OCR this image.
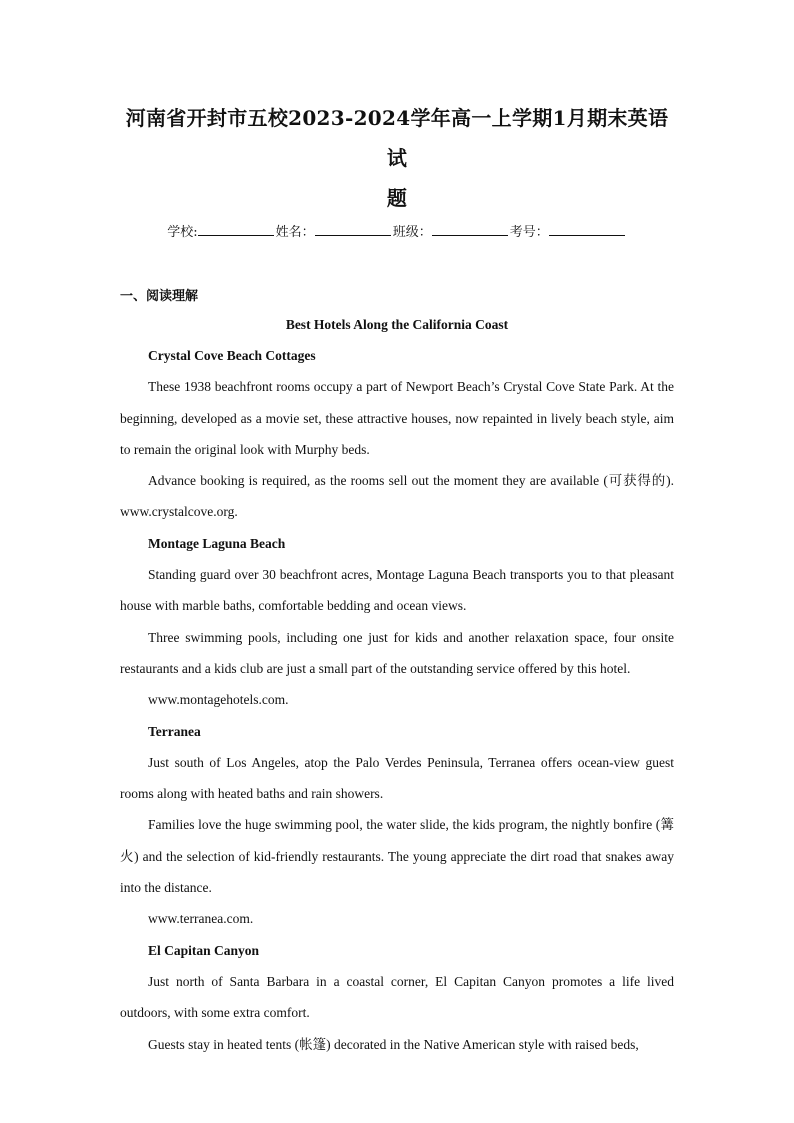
河南省开封市五校2023-2024学年高一上学期1月期末英语试
题
学校:	姓名：	班级：	考号：
一、阅读理解
Best Hotels Along the California Coast
Crystal Cove Beach Cottages

These 1938 beachfront rooms occupy a part of Newport Beach’s Crystal Cove State Park. At the beginning, developed as a movie set, these attractive houses, now repainted in lively beach style, aim to remain the original look with Murphy beds.

Advance booking is required, as the rooms sell out the moment they are available (可获得的). www.crystalcove.org.

Montage Laguna Beach

Standing guard over 30 beachfront acres, Montage Laguna Beach transports you to that pleasant house with marble baths, comfortable bedding and ocean views.

Three swimming pools, including one just for kids and another relaxation space, four onsite restaurants and a kids club are just a small part of the outstanding service offered by this hotel.

www.montagehotels.com.

Terranea

Just south of Los Angeles, atop the Palo Verdes Peninsula, Terranea offers ocean-view guest rooms along with heated baths and rain showers.

Families love the huge swimming pool, the water slide, the kids program, the nightly bonfire (篝火) and the selection of kid-friendly restaurants. The young appreciate the dirt road that snakes away into the distance.

www.terranea.com.

El Capitan Canyon

Just north of Santa Barbara in a coastal corner, El Capitan Canyon promotes a life lived outdoors, with some extra comfort.

Guests stay in heated tents (帐篷) decorated in the Native American style with raised beds,
